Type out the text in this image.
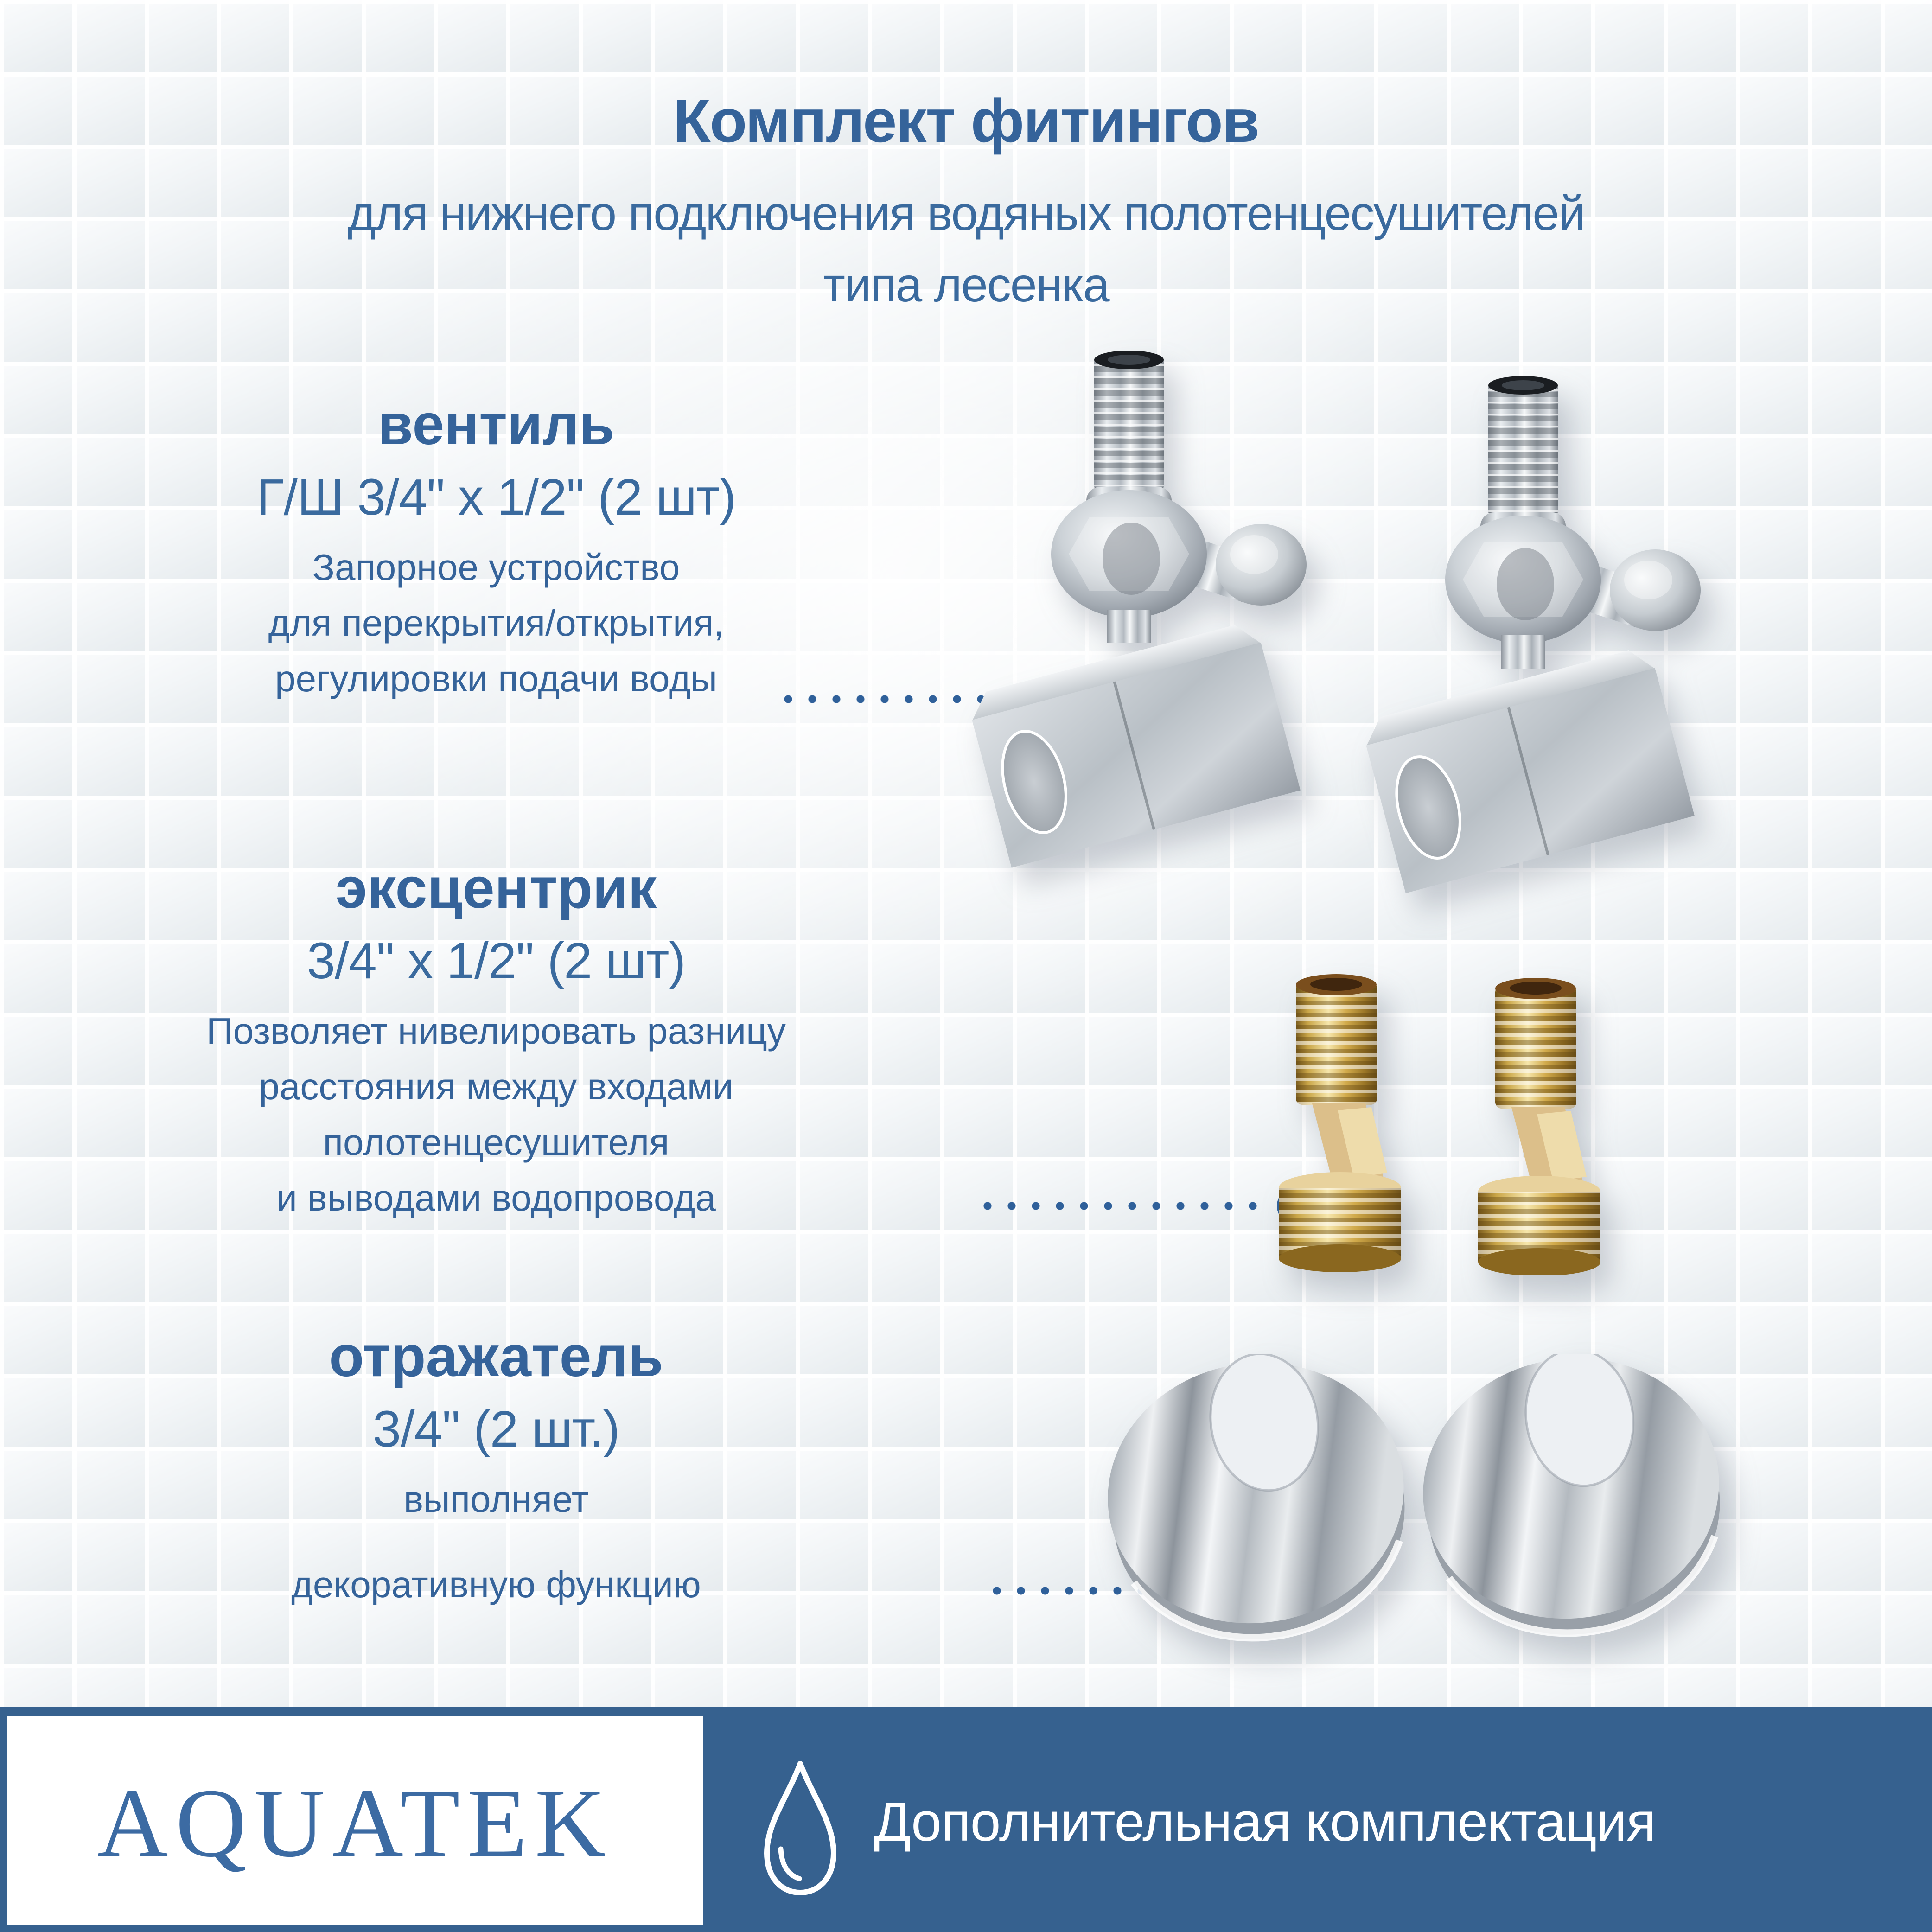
Комплект фитингов
для нижнего подключения водяных полотенцесушителей
типа лесенка
вентиль
Г/Ш 3/4" х 1/2" (2 шт)
Запорное устройство
для перекрытия/открытия,
регулировки подачи воды
эксцентрик
3/4" х 1/2" (2 шт)
Позволяет нивелировать разницу
расстояния между входами
полотенцесушителя
и выводами водопровода
отражатель
3/4" (2 шт.)
выполняет
декоративную функцию
AQUATEK	Дополнительная комплектация
